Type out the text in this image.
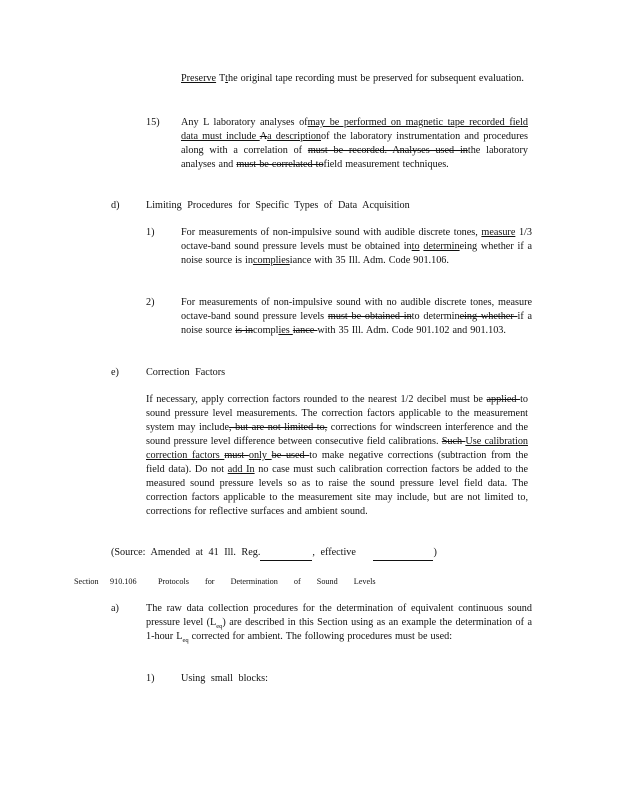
Preserve Tthe original tape recording must be preserved for subsequent evaluation.
15) Any L laboratory analyses ofmay be performed on magnetic tape recorded field data must include Aa descriptionof the laboratory instrumentation and procedures along with a correlation of must be recorded. Analyses used inthe laboratory analyses and must be correlated tofield measurement techniques.
d)	Limiting Procedures for Specific Types of Data Acquisition
1)	For measurements of non-impulsive sound with audible discrete tones, measure 1/3 octave-band sound pressure levels must be obtained into determineing whether if a noise source is incompliesiance with 35 Ill. Adm. Code 901.106.
2)	For measurements of non-impulsive sound with no audible discrete tones, measure octave-band sound pressure levels must be obtained into determineing whether if a noise source is incomplies iance with 35 Ill. Adm. Code 901.102 and 901.103.
e)	Correction Factors
If necessary, apply correction factors rounded to the nearest 1/2 decibel must be applied to sound pressure level measurements. The correction factors applicable to the measurement system may include, but are not limited to, corrections for windscreen interference and the sound pressure level difference between consecutive field calibrations. Such Use calibration correction factors must only be used to make negative corrections (subtraction from the field data). Do not add In no case must such calibration correction factors be added to the measured sound pressure levels so as to raise the sound pressure level field data. The correction factors applicable to the measurement site may include, but are not limited to, corrections for reflective surfaces and ambient sound.
(Source: Amended at 41 Ill. Reg.	, effective	)
Section 910.106	Protocols for Determination of Sound Levels
a)	The raw data collection procedures for the determination of equivalent continuous sound pressure level $(L_{eq})$ are described in this Section using as an example the determination of a 1-hour $L_{eq}$ corrected for ambient. The following procedures must be used:
1)	Using small blocks:
